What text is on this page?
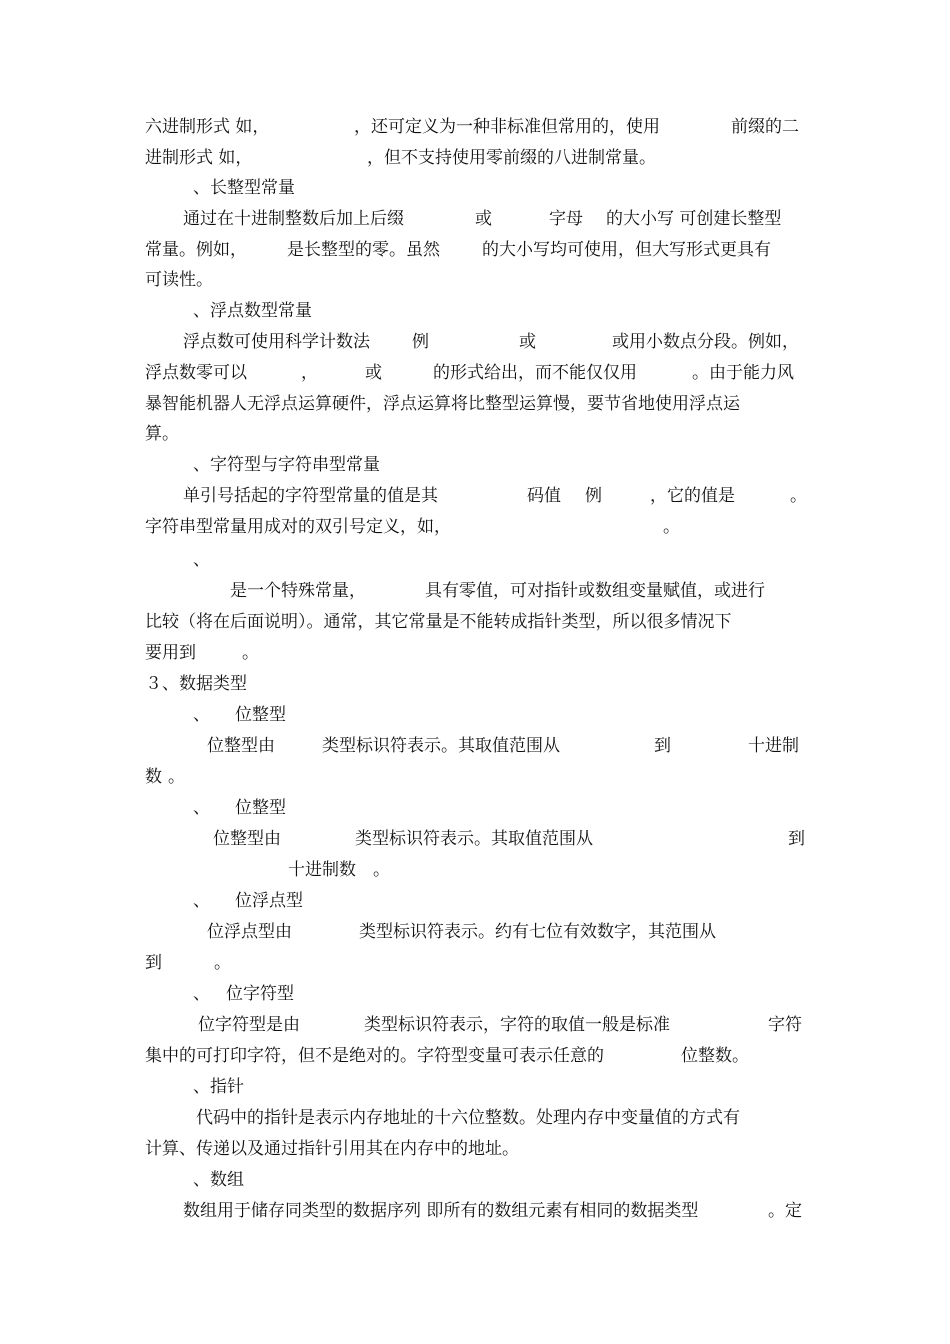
六进制形式 如，

	，还可定义为一种非标准但常用的，使用

	前缀的二

进制形式 如，

	，但不支持使用零前缀的八进制常量。

、长整型常量

通过在十进制整数后加上后缀

	或

	字母

的大小写 可创建长整型

常量。例如，

是长整型的零。虽然

的大小写均可使用，但大写形式更具有

可读性。

、浮点数型常量

浮点数可使用科学计数法

例

	或

	或用小数点分段。例如，

浮点数零可以

	，

	或

	的形式给出，而不能仅仅用

	。由于能力风

暴智能机器人无浮点运算硬件，浮点运算将比整型运算慢，要节省地使用浮点运

算。

、字符型与字符串型常量

单引号括起的字符型常量的值是其

	码值

例

	，它的值是

	。

字符串型常量用成对的双引号定义，如，

	。

、

是一个特殊常量，

	具有零值，可对指针或数组变量赋值，或进行

比较（将在后面说明）。通常，其它常量是不能转成指针类型，所以很多情况下

要用到

	。

３、数据类型

、

位整型

位整型由

	类型标识符表示。其取值范围从

	到

	十进制

数

。

、

位整型

位整型由

	类型标识符表示。其取值范围从

	到

十进制数

。

、

位浮点型

位浮点型由

	类型标识符表示。约有七位有效数字，其范围从

到

	。

、

位字符型

位字符型是由

	类型标识符表示，字符的取值一般是标准

	字符

集中的可打印字符，但不是绝对的。字符型变量可表示任意的

	位整数。

、指针

代码中的指针是表示内存地址的十六位整数。处理内存中变量值的方式有

计算、传递以及通过指针引用其在内存中的地址。

、数组

数组用于储存同类型的数据序列 即所有的数组元素有相同的数据类型

	。定
